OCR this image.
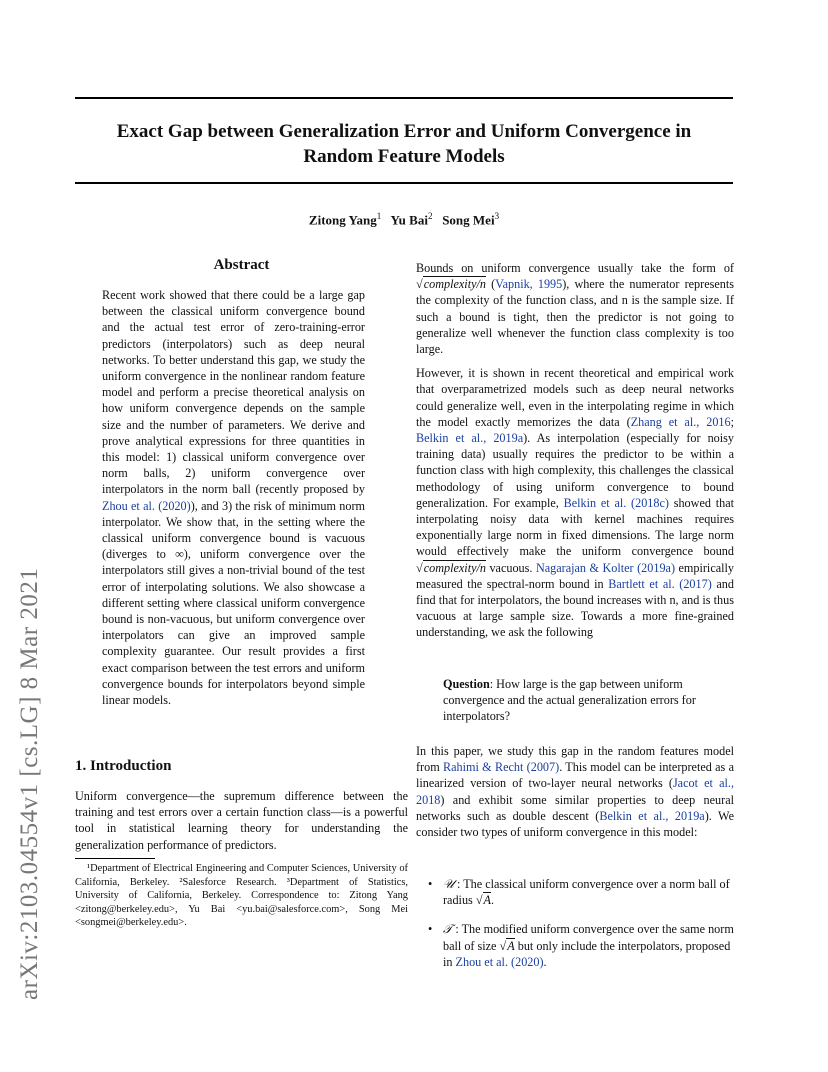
Exact Gap between Generalization Error and Uniform Convergence in
Random Feature Models
Zitong Yang$^1$ Yu Bai$^2$ Song Mei$^3$
arXiv:2103.04554v1 [cs.LG] 8 Mar 2021
Abstract
Recent work showed that there could be a large gap between the classical uniform convergence bound and the actual test error of zero-training-error predictors (interpolators) such as deep neural networks. To better understand this gap, we study the uniform convergence in the nonlinear random feature model and perform a precise theoretical analysis on how uniform convergence depends on the sample size and the number of parameters. We derive and prove analytical expressions for three quantities in this model: 1) classical uniform convergence over norm balls, 2) uniform convergence over interpolators in the norm ball (recently proposed by Zhou et al. (2020)), and 3) the risk of minimum norm interpolator. We show that, in the setting where the classical uniform convergence bound is vacuous (diverges to ∞), uniform convergence over the interpolators still gives a non-trivial bound of the test error of interpolating solutions. We also showcase a different setting where classical uniform convergence bound is non-vacuous, but uniform convergence over interpolators can give an improved sample complexity guarantee. Our result provides a first exact comparison between the test errors and uniform convergence bounds for interpolators beyond simple linear models.
1. Introduction
Uniform convergence—the supremum difference between the training and test errors over a certain function class—is a powerful tool in statistical learning theory for understanding the generalization performance of predictors.
¹Department of Electrical Engineering and Computer Sciences, University of California, Berkeley. ²Salesforce Research. ³Department of Statistics, University of California, Berkeley. Correspondence to: Zitong Yang <zitong@berkeley.edu>, Yu Bai <yu.bai@salesforce.com>, Song Mei <songmei@berkeley.edu>.

Bounds on uniform convergence usually take the form of √complexity/n (Vapnik, 1995), where the numerator represents the complexity of the function class, and n is the sample size. If such a bound is tight, then the predictor is not going to generalize well whenever the function class complexity is too large.

However, it is shown in recent theoretical and empirical work that overparametrized models such as deep neural networks could generalize well, even in the interpolating regime in which the model exactly memorizes the data (Zhang et al., 2016; Belkin et al., 2019a). As interpolation (especially for noisy training data) usually requires the predictor to be within a function class with high complexity, this challenges the classical methodology of using uniform convergence to bound generalization. For example, Belkin et al. (2018c) showed that interpolating noisy data with kernel machines requires exponentially large norm in fixed dimensions. The large norm would effectively make the uniform convergence bound √complexity/n vacuous. Nagarajan & Kolter (2019a) empirically measured the spectral-norm bound in Bartlett et al. (2017) and find that for interpolators, the bound increases with n, and is thus vacuous at large sample size. Towards a more fine-grained understanding, we ask the following

Question: How large is the gap between uniform convergence and the actual generalization errors for interpolators?

In this paper, we study this gap in the random features model from Rahimi & Recht (2007). This model can be interpreted as a linearized version of two-layer neural networks (Jacot et al., 2018) and exhibit some similar properties to deep neural networks such as double descent (Belkin et al., 2019a). We consider two types of uniform convergence in this model:

• 𝒰 : The classical uniform convergence over a norm ball of radius √A.
• 𝒯 : The modified uniform convergence over the same norm ball of size √A but only include the interpolators, proposed in Zhou et al. (2020).
